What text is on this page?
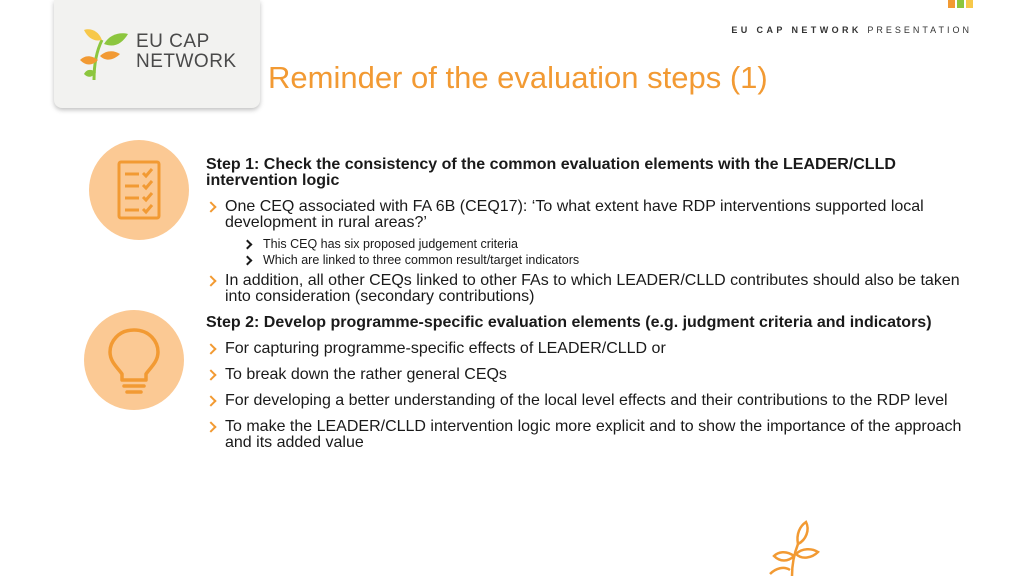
EU CAP
NETWORK
EU CAP NETWORK PRESENTATION
Reminder of the evaluation steps (1)

Step 1: Check the consistency of the common evaluation elements with the LEADER/CLLD intervention logic

One CEQ associated with FA 6B (CEQ17): ‘To what extent have RDP interventions supported local development in rural areas?’

This CEQ has six proposed judgement criteria

Which are linked to three common result/target indicators

In addition, all other CEQs linked to other FAs to which LEADER/CLLD contributes should also be taken into consideration (secondary contributions)

Step 2: Develop programme-specific evaluation elements (e.g. judgment criteria and indicators)

For capturing programme-specific effects of LEADER/CLLD or

To break down the rather general CEQs

For developing a better understanding of the local level effects and their contributions to the RDP level

To make the LEADER/CLLD intervention logic more explicit and to show the importance of the approach and its added value
